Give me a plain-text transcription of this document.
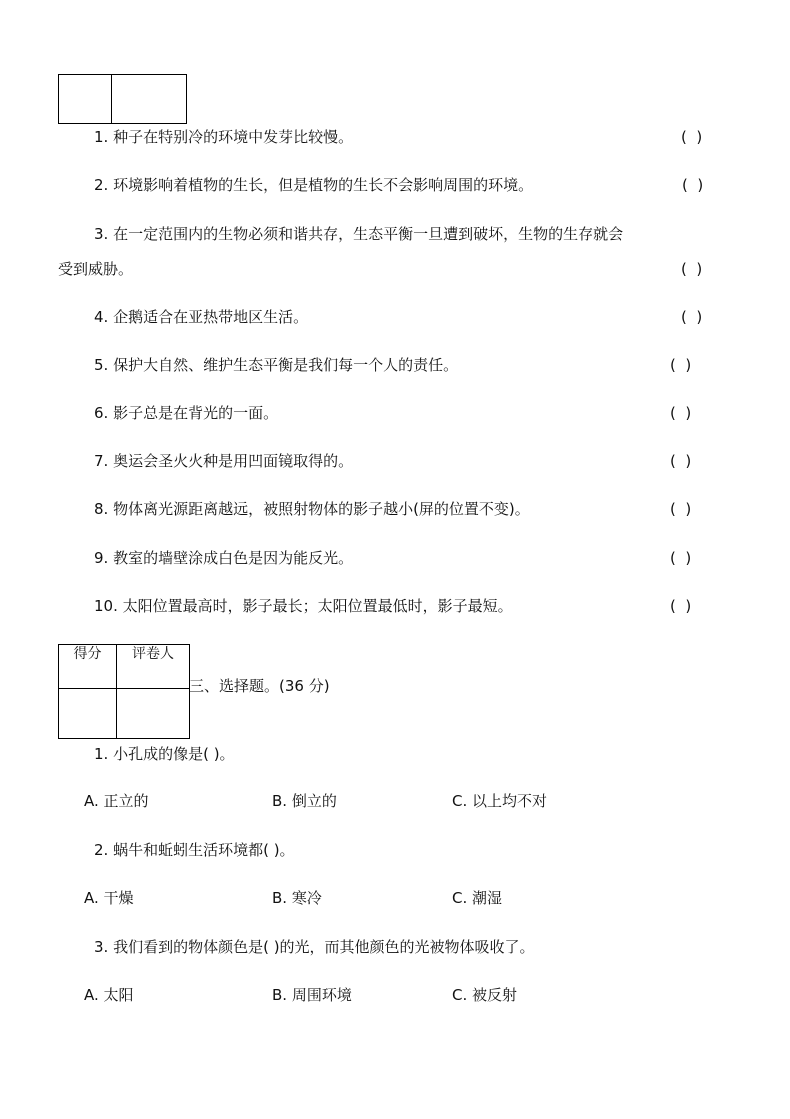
1. 种子在特别冷的环境中发芽比较慢。	(  )
2. 环境影响着植物的生长，但是植物的生长不会影响周围的环境。	(  )
3. 在一定范围内的生物必须和谐共存，生态平衡一旦遭到破坏，生物的生存就会
受到威胁。	(  )
4. 企鹅适合在亚热带地区生活。	(  )
5. 保护大自然、维护生态平衡是我们每一个人的责任。	(  )
6. 影子总是在背光的一面。	(  )
7. 奥运会圣火火种是用凹面镜取得的。	(  )
8. 物体离光源距离越远，被照射物体的影子越小(屏的位置不变)。	(  )
9. 教室的墙壁涂成白色是因为能反光。	(  )
10. 太阳位置最高时，影子最长；太阳位置最低时，影子最短。	(  )
得分	评卷人

三、选择题。(36 分)
1. 小孔成的像是( )。
A. 正立的	B. 倒立的	C. 以上均不对
2. 蜗牛和蚯蚓生活环境都( )。
A. 干燥	B. 寒冷	C. 潮湿
3. 我们看到的物体颜色是( )的光，而其他颜色的光被物体吸收了。
A. 太阳	B. 周围环境	C. 被反射
